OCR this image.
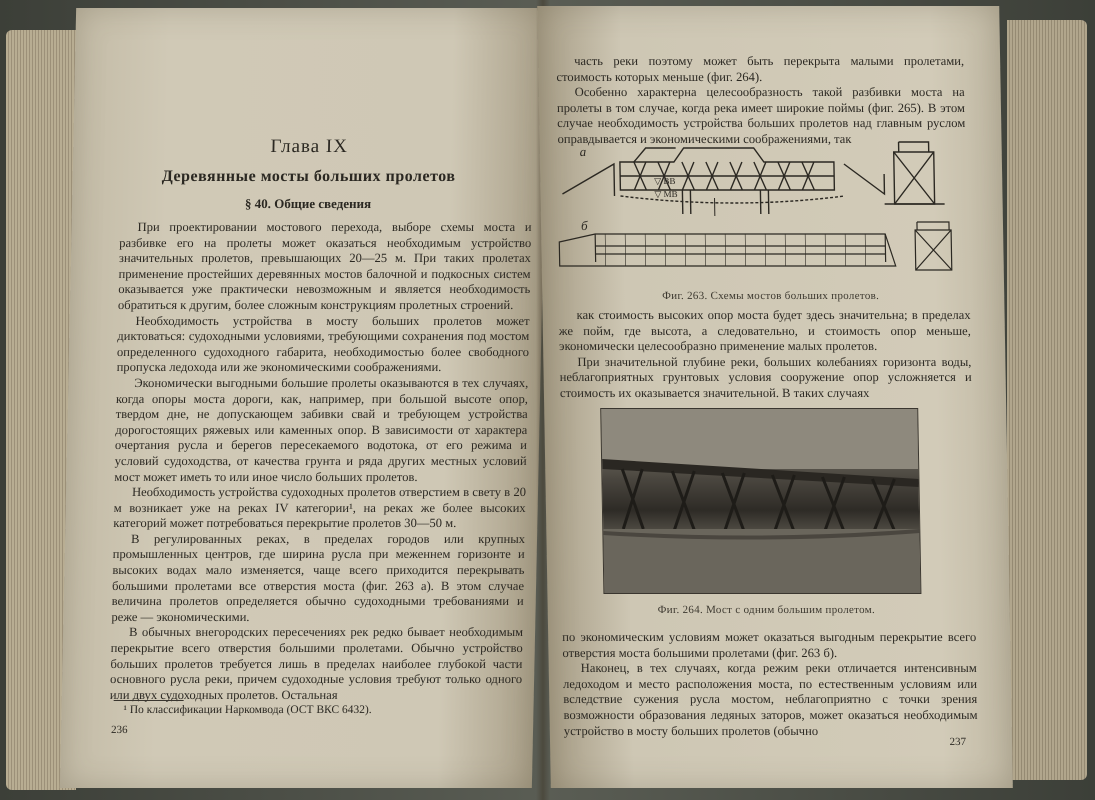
Глава IX
Деревянные мосты больших пролетов
§ 40. Общие сведения

При проектировании мостового перехода, выборе схемы моста и разбивке его на пролеты может оказаться необходимым устройство значительных пролетов, превышающих 20—25 м. При таких пролетах применение простейших деревянных мостов балочной и подкосных систем оказывается уже практически невозможным и является необходимость обратиться к другим, более сложным конструкциям пролетных строений.

Необходимость устройства в мосту больших пролетов может диктоваться: судоходными условиями, требующими сохранения под мостом определенного судоходного габарита, необходимостью более свободного пропуска ледохода или же экономическими соображениями.

Экономически выгодными большие пролеты оказываются в тех случаях, когда опоры моста дороги, как, например, при большой высоте опор, твердом дне, не допускающем забивки свай и требующем устройства дорогостоящих ряжевых или каменных опор. В зависимости от характера очертания русла и берегов пересекаемого водотока, от его режима и условий судоходства, от качества грунта и ряда других местных условий мост может иметь то или иное число больших пролетов.

Необходимость устройства судоходных пролетов отверстием в свету в 20 м возникает уже на реках IV категории¹, на реках же более высоких категорий может потребоваться перекрытие пролетов 30—50 м.

В регулированных реках, в пределах городов или крупных промышленных центров, где ширина русла при меженнем горизонте и высоких водах мало изменяется, чаще всего приходится перекрывать большими пролетами все отверстия моста (фиг. 263 а). В этом случае величина пролетов определяется обычно судоходными требованиями и реже — экономическими.

В обычных внегородских пересечениях рек редко бывает необходимым перекрытие всего отверстия большими пролетами. Обычно устройство больших пролетов требуется лишь в пределах наиболее глубокой части основного русла реки, причем судоходные условия требуют только одного или двух судоходных пролетов. Остальная

¹ По классификации Наркомвода (ОСТ ВКС 6432).
236

часть реки поэтому может быть перекрыта малыми пролетами, стоимость которых меньше (фиг. 264).

Особенно характерна целесообразность такой разбивки моста на пролеты в том случае, когда река имеет широкие поймы (фиг. 265). В этом случае необходимость устройства больших пролетов над главным руслом оправдывается и экономическими соображениями, так

а
▽ ВВ
▽ МВ
б
Фиг. 263. Схемы мостов больших пролетов.

как стоимость высоких опор моста будет здесь значительна; в пределах же пойм, где высота, а следовательно, и стоимость опор меньше, экономически целесообразно применение малых пролетов.

При значительной глубине реки, больших колебаниях горизонта воды, неблагоприятных грунтовых условия сооружение опор усложняется и стоимость их оказывается значительной. В таких случаях

Фиг. 264. Мост с одним большим пролетом.

по экономическим условиям может оказаться выгодным перекрытие всего отверстия моста большими пролетами (фиг. 263 б).

Наконец, в тех случаях, когда режим реки отличается интенсивным ледоходом и место расположения моста, по естественным условиям или вследствие сужения русла мостом, неблагоприятно с точки зрения возможности образования ледяных заторов, может оказаться необходимым устройство в мосту больших пролетов (обычно

237
